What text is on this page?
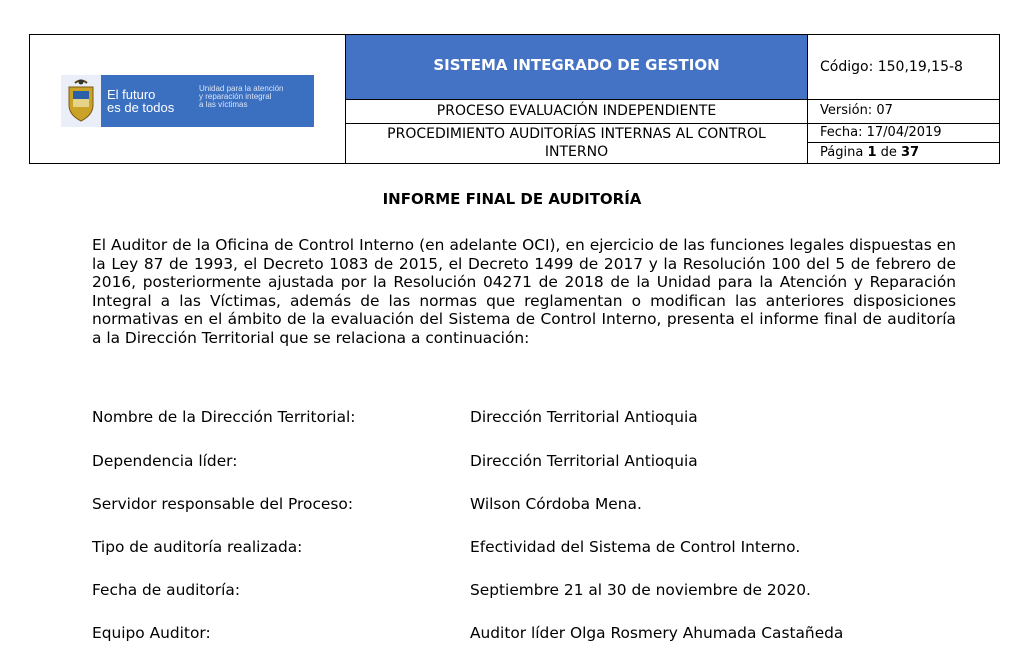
El futuro
es de todos
Unidad para la atención
y reparación integral
a las víctimas
SISTEMA INTEGRADO DE GESTION	Código: 150,19,15-8
PROCESO EVALUACIÓN INDEPENDIENTE	Versión: 07
PROCEDIMIENTO AUDITORÍAS INTERNAS AL CONTROL
INTERNO
Fecha: 17/04/2019
Página 1 de 37
INFORME FINAL DE AUDITORÍA
El Auditor de la Oficina de Control Interno (en adelante OCI), en ejercicio de las funciones legales dispuestas en la Ley 87 de 1993, el Decreto 1083 de 2015, el Decreto 1499 de 2017 y la Resolución 100 del 5 de febrero de 2016, posteriormente ajustada por la Resolución 04271 de 2018 de la Unidad para la Atención y Reparación Integral a las Víctimas, además de las normas que reglamentan o modifican las anteriores disposiciones normativas en el ámbito de la evaluación del Sistema de Control Interno, presenta el informe final de auditoría a la Dirección Territorial que se relaciona a continuación:
Nombre de la Dirección Territorial:	Dirección Territorial Antioquia
Dependencia líder:	Dirección Territorial Antioquia
Servidor responsable del Proceso:	Wilson Córdoba Mena.
Tipo de auditoría realizada:	Efectividad del Sistema de Control Interno.
Fecha de auditoría:	Septiembre 21 al 30 de noviembre de 2020.
Equipo Auditor:	Auditor líder Olga Rosmery Ahumada Castañeda
